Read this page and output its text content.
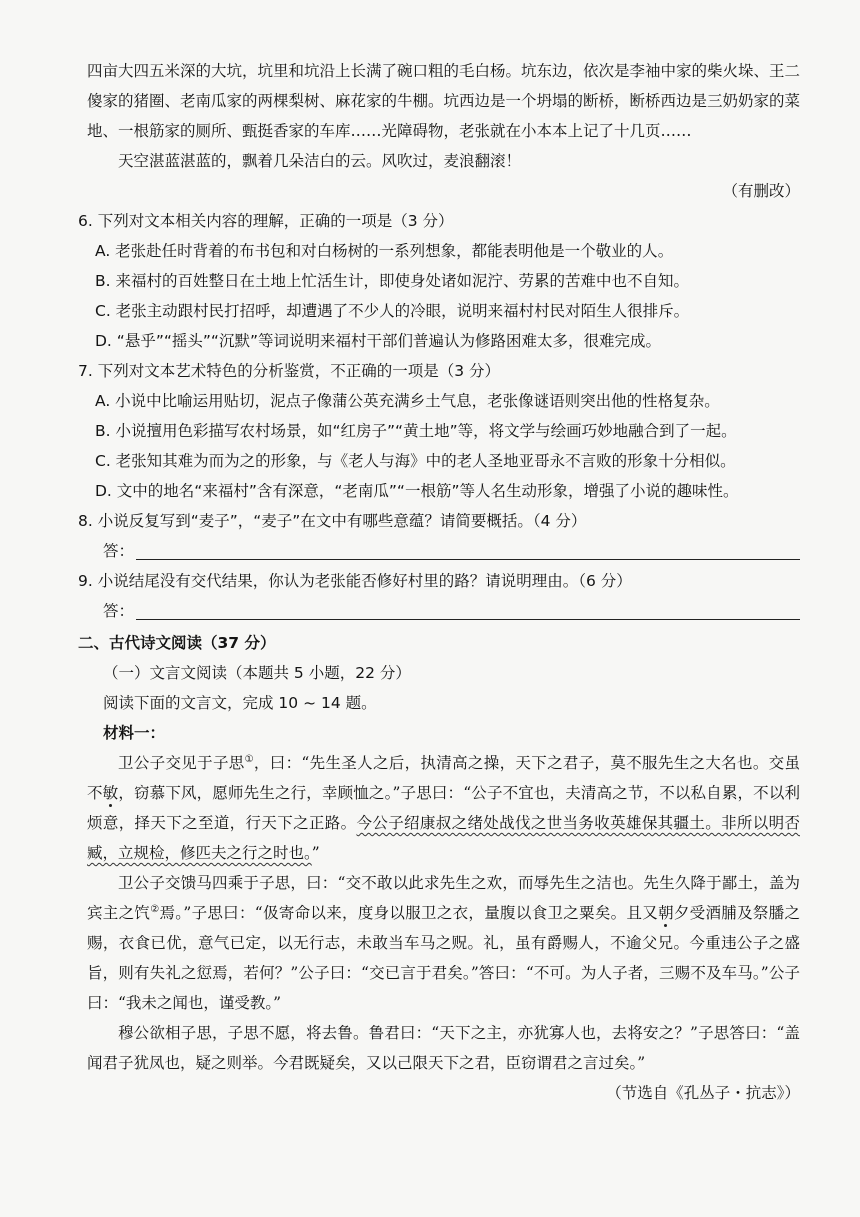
四亩大四五米深的大坑，坑里和坑沿上长满了碗口粗的毛白杨。坑东边，依次是李袖中家的柴火垛、王二傻家的猪圈、老南瓜家的两棵梨树、麻花家的牛棚。坑西边是一个坍塌的断桥，断桥西边是三奶奶家的菜地、一根筋家的厕所、甄挺香家的车库……光障碍物，老张就在小本本上记了十几页……

天空湛蓝湛蓝的，飘着几朵洁白的云。风吹过，麦浪翻滚！

（有删改）

6. 下列对文本相关内容的理解，正确的一项是（3 分）

A. 老张赴任时背着的布书包和对白杨树的一系列想象，都能表明他是一个敬业的人。

B. 来福村的百姓整日在土地上忙活生计，即使身处诸如泥泞、劳累的苦难中也不自知。

C. 老张主动跟村民打招呼，却遭遇了不少人的冷眼，说明来福村村民对陌生人很排斥。

D. “悬乎”“摇头”“沉默”等词说明来福村干部们普遍认为修路困难太多，很难完成。

7. 下列对文本艺术特色的分析鉴赏，不正确的一项是（3 分）

A. 小说中比喻运用贴切，泥点子像蒲公英充满乡土气息，老张像谜语则突出他的性格复杂。

B. 小说擅用色彩描写农村场景，如“红房子”“黄土地”等，将文学与绘画巧妙地融合到了一起。

C. 老张知其难为而为之的形象，与《老人与海》中的老人圣地亚哥永不言败的形象十分相似。

D. 文中的地名“来福村”含有深意，“老南瓜”“一根筋”等人名生动形象，增强了小说的趣味性。

8. 小说反复写到“麦子”，“麦子”在文中有哪些意蕴？请简要概括。（4 分）

答：

9. 小说结尾没有交代结果，你认为老张能否修好村里的路？请说明理由。（6 分）

答：

二、古代诗文阅读（37 分）

（一）文言文阅读（本题共 5 小题，22 分）

阅读下面的文言文，完成 10 ~ 14 题。

材料一：

卫公子交见于子思①，曰：“先生圣人之后，执清高之操，天下之君子，莫不服先生之大名也。交虽不敏，窃慕下风，愿师先生之行，幸顾恤之。”子思曰：“公子不宜也，夫清高之节，不以私自累，不以利烦意，择天下之至道，行天下之正路。今公子绍康叔之绪处战伐之世当务收英雄保其疆土。非所以明否臧，立规检，修匹夫之行之时也。”

卫公子交馈马四乘于子思，曰：“交不敢以此求先生之欢，而辱先生之洁也。先生久降于鄙土，盖为宾主之饩②焉。”子思曰：“伋寄命以来，度身以服卫之衣，量腹以食卫之粟矣。且又朝夕受酒脯及祭膰之赐，衣食已优，意气已定，以无行志，未敢当车马之贶。礼，虽有爵赐人，不逾父兄。今重违公子之盛旨，则有失礼之愆焉，若何？”公子曰：“交已言于君矣。”答曰：“不可。为人子者，三赐不及车马。”公子曰：“我未之闻也，谨受教。”

穆公欲相子思，子思不愿，将去鲁。鲁君曰：“天下之主，亦犹寡人也，去将安之？”子思答曰：“盖闻君子犹凤也，疑之则举。今君既疑矣，又以己限天下之君，臣窃谓君之言过矣。”

（节选自《孔丛子・抗志》）
